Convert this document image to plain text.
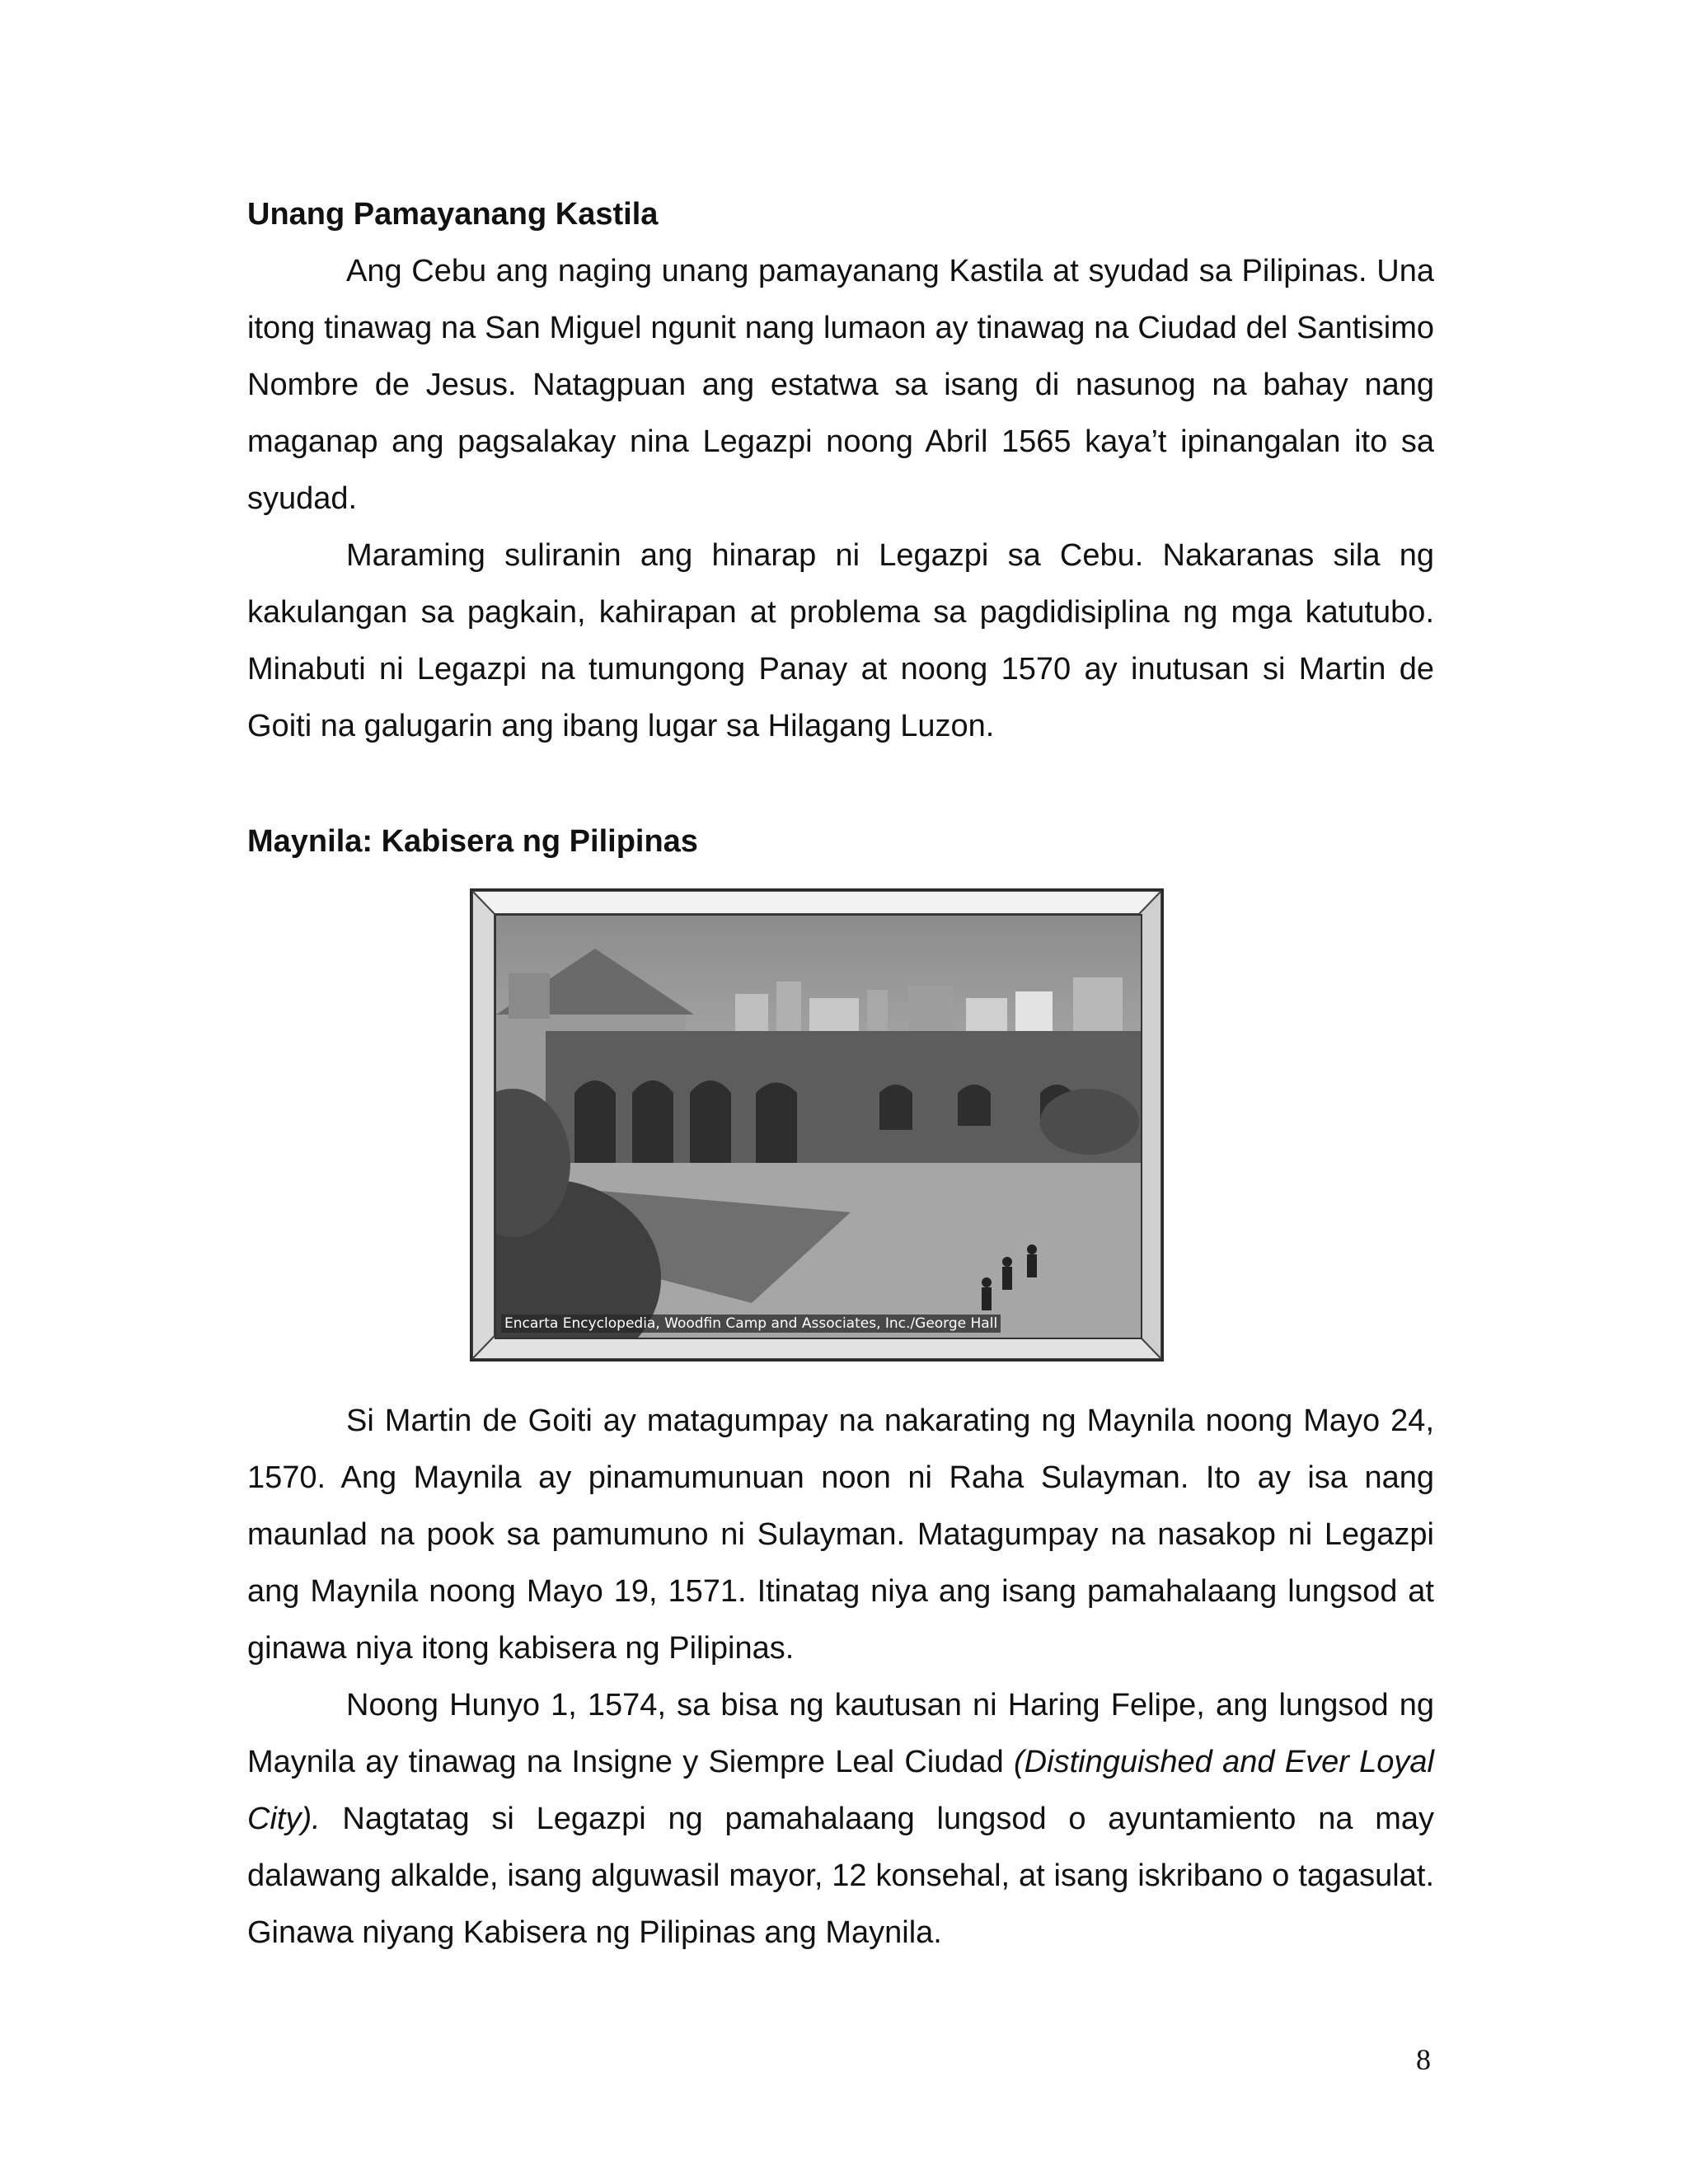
Unang Pamayanang Kastila

Ang Cebu ang naging unang pamayanang Kastila at syudad sa Pilipinas. Una itong tinawag na San Miguel ngunit nang lumaon ay tinawag na Ciudad del Santisimo Nombre de Jesus. Natagpuan ang estatwa sa isang di nasunog na bahay nang maganap ang pagsalakay nina Legazpi noong Abril 1565 kaya’t ipinangalan ito sa syudad.

Maraming suliranin ang hinarap ni Legazpi sa Cebu. Nakaranas sila ng kakulangan sa pagkain, kahirapan at problema sa pagdidisiplina ng mga katutubo. Minabuti ni Legazpi na tumungong Panay at noong 1570 ay inutusan si Martin de Goiti na galugarin ang ibang lugar sa Hilagang Luzon.

Maynila: Kabisera ng Pilipinas
Encarta Encyclopedia, Woodfin Camp and Associates, Inc./George Hall

Si Martin de Goiti ay matagumpay na nakarating ng Maynila noong Mayo 24, 1570. Ang Maynila ay pinamumunuan noon ni Raha Sulayman. Ito ay isa nang maunlad na pook sa pamumuno ni Sulayman. Matagumpay na nasakop ni Legazpi ang Maynila noong Mayo 19, 1571. Itinatag niya ang isang pamahalaang lungsod at ginawa niya itong kabisera ng Pilipinas.

Noong Hunyo 1, 1574, sa bisa ng kautusan ni Haring Felipe, ang lungsod ng Maynila ay tinawag na Insigne y Siempre Leal Ciudad (Distinguished and Ever Loyal City). Nagtatag si Legazpi ng pamahalaang lungsod o ayuntamiento na may dalawang alkalde, isang alguwasil mayor, 12 konsehal, at isang iskribano o tagasulat. Ginawa niyang Kabisera ng Pilipinas ang Maynila.

8
